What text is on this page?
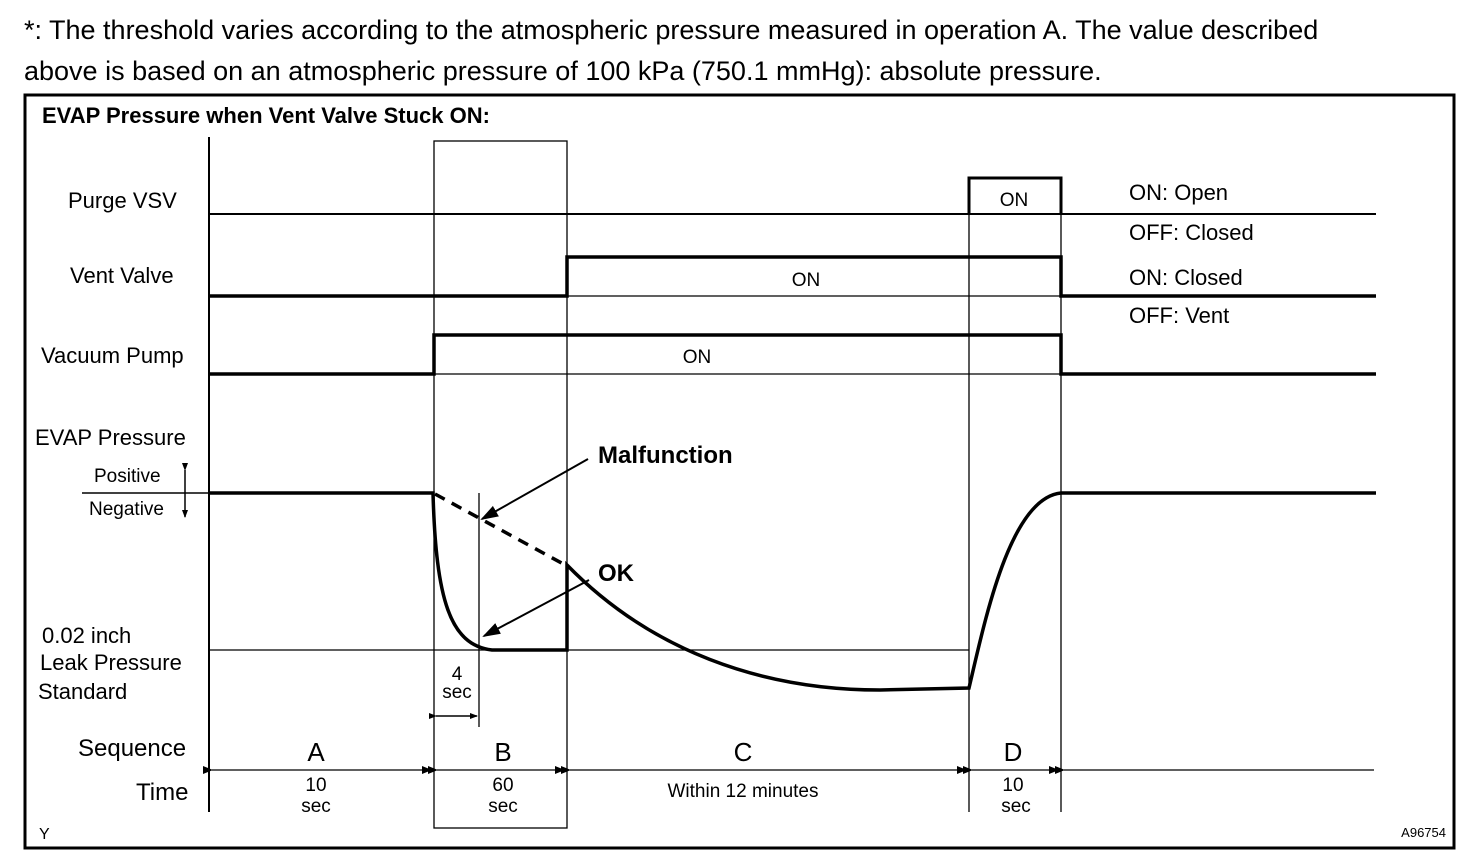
*: The threshold varies according to the atmospheric pressure measured in operation A. The value described
above is based on an atmospheric pressure of 100 kPa (750.1 mmHg): absolute pressure.
EVAP Pressure when Vent Valve Stuck ON:
Purge VSV
Vent Valve
Vacuum Pump
EVAP Pressure
ON
ON
ON
ON: Open
OFF: Closed
ON: Closed
OFF: Vent
Positive
Negative
0.02 inch
Leak Pressure
Standard
Malfunction
OK
4
sec
Sequence
Time
A
10
sec
B
60
sec
C
Within 12 minutes
D
10
sec
Y	A96754
